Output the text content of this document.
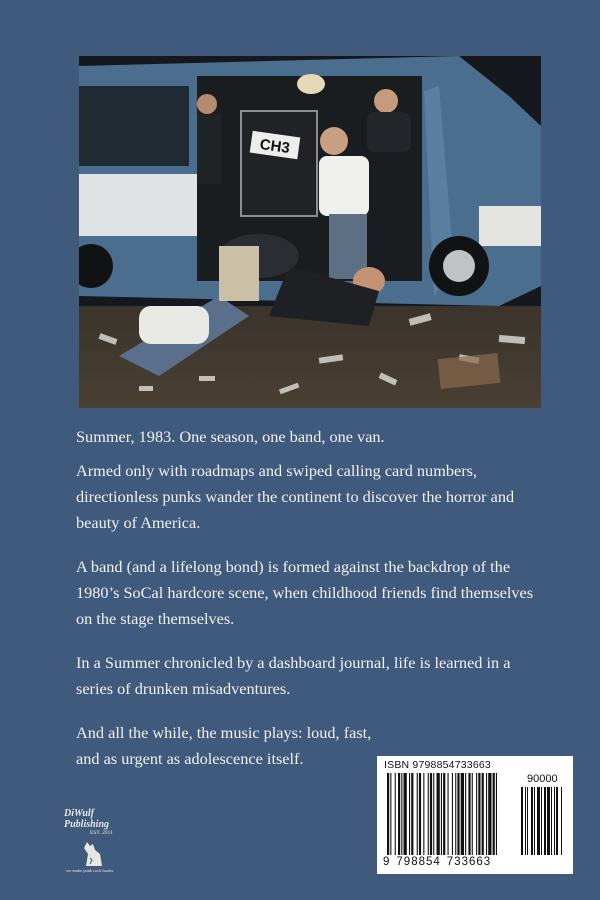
CH3

Summer, 1983. One season, one band, one van.

Armed only with roadmaps and swiped calling card numbers, directionless punks wander the continent to discover the horror and beauty of America.

A band (and a lifelong bond) is formed against the backdrop of the 1980’s SoCal hardcore scene, when childhood friends find themselves on the stage themselves.

In a Summer chronicled by a dashboard journal, life is learned in a series of drunken misadventures.

And all the while, the music plays: loud, fast, and as urgent as adolescence itself.

DiWulf
Publishing
EST. 2011
we make punk rock books
ISBN 9798854733663
90000
9 798854 733663
